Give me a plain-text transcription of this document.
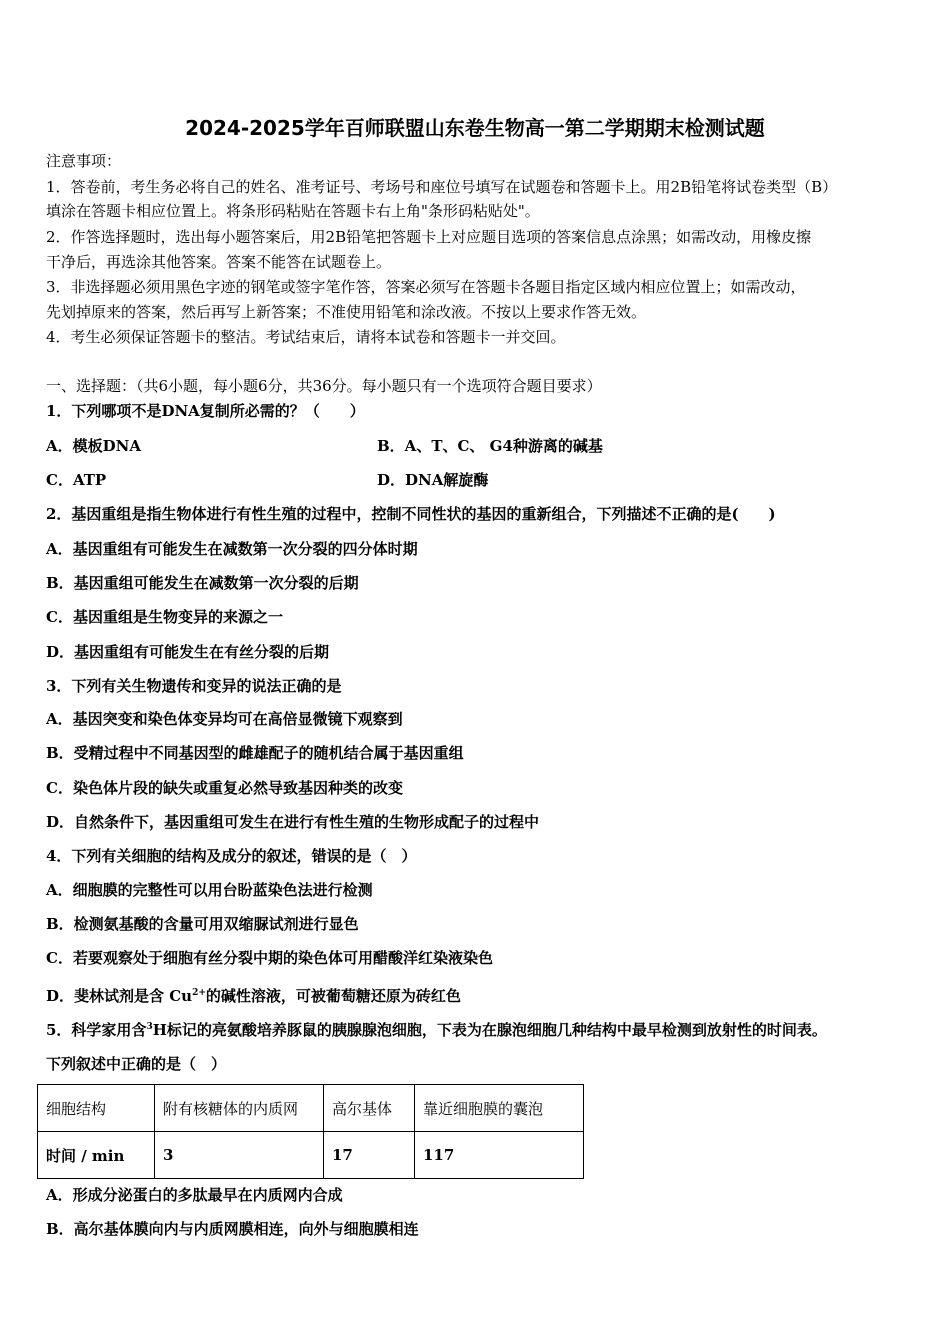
2024-2025学年百师联盟山东卷生物高一第二学期期末检测试题
注意事项：
1．答卷前，考生务必将自己的姓名、准考证号、考场号和座位号填写在试题卷和答题卡上。用2B铅笔将试卷类型（B）
填涂在答题卡相应位置上。将条形码粘贴在答题卡右上角"条形码粘贴处"。
2．作答选择题时，选出每小题答案后，用2B铅笔把答题卡上对应题目选项的答案信息点涂黑；如需改动，用橡皮擦
干净后，再选涂其他答案。答案不能答在试题卷上。
3．非选择题必须用黑色字迹的钢笔或签字笔作答，答案必须写在答题卡各题目指定区域内相应位置上；如需改动，
先划掉原来的答案，然后再写上新答案；不准使用铅笔和涂改液。不按以上要求作答无效。
4．考生必须保证答题卡的整洁。考试结束后，请将本试卷和答题卡一并交回。
一、选择题：（共6小题，每小题6分，共36分。每小题只有一个选项符合题目要求）
1．下列哪项不是DNA复制所必需的？（　　）
A．模板DNA	B．A、T、C、 G4种游离的碱基
C．ATP	D．DNA解旋酶
2．基因重组是指生物体进行有性生殖的过程中，控制不同性状的基因的重新组合，下列描述不正确的是(　　)
A．基因重组有可能发生在减数第一次分裂的四分体时期
B．基因重组可能发生在减数第一次分裂的后期
C．基因重组是生物变异的来源之一
D．基因重组有可能发生在有丝分裂的后期
3．下列有关生物遗传和变异的说法正确的是
A．基因突变和染色体变异均可在高倍显微镜下观察到
B．受精过程中不同基因型的雌雄配子的随机结合属于基因重组
C．染色体片段的缺失或重复必然导致基因种类的改变
D．自然条件下，基因重组可发生在进行有性生殖的生物形成配子的过程中
4．下列有关细胞的结构及成分的叙述，错误的是（　）
A．细胞膜的完整性可以用台盼蓝染色法进行检测
B．检测氨基酸的含量可用双缩脲试剂进行显色
C．若要观察处于细胞有丝分裂中期的染色体可用醋酸洋红染液染色
D．斐林试剂是含 $Cu^{2+}$的碱性溶液，可被葡萄糖还原为砖红色
5．科学家用含$^3$H标记的亮氨酸培养豚鼠的胰腺腺泡细胞，下表为在腺泡细胞几种结构中最早检测到放射性的时间表。
下列叙述中正确的是（　）
细胞结构	附有核糖体的内质网	高尔基体	靠近细胞膜的囊泡
时间 / min	3	17	117
A．形成分泌蛋白的多肽最早在内质网内合成
B．高尔基体膜向内与内质网膜相连，向外与细胞膜相连
